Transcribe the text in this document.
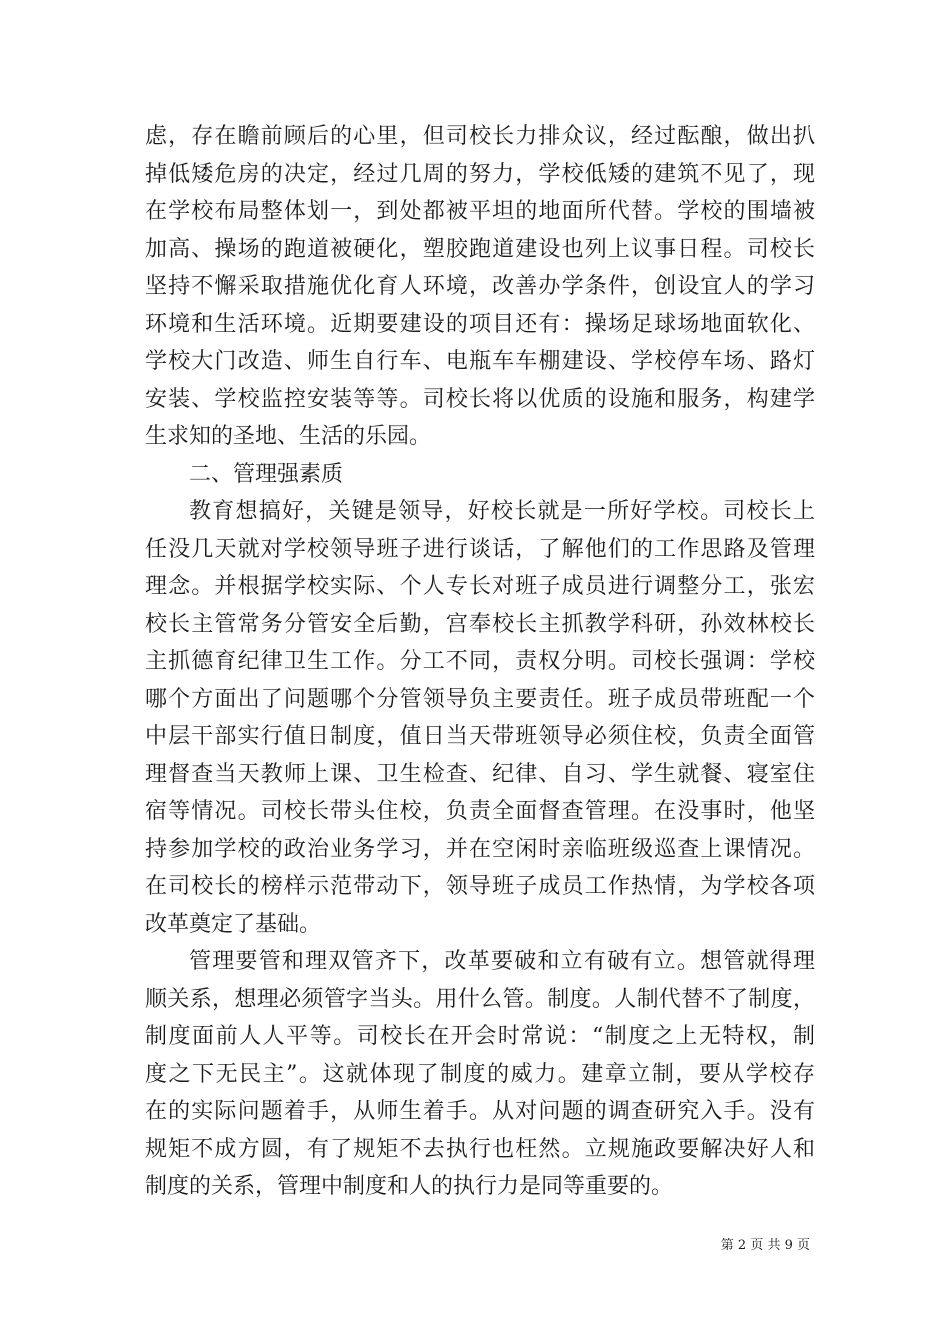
虑，存在瞻前顾后的心里，但司校长力排众议，经过酝酿，做出扒
掉低矮危房的决定，经过几周的努力，学校低矮的建筑不见了，现
在学校布局整体划一，到处都被平坦的地面所代替。学校的围墙被
加高、操场的跑道被硬化，塑胶跑道建设也列上议事日程。司校长
坚持不懈采取措施优化育人环境，改善办学条件，创设宜人的学习
环境和生活环境。近期要建设的项目还有：操场足球场地面软化、
学校大门改造、师生自行车、电瓶车车棚建设、学校停车场、路灯
安装、学校监控安装等等。司校长将以优质的设施和服务，构建学
生求知的圣地、生活的乐园。
二、管理强素质
教育想搞好，关键是领导，好校长就是一所好学校。司校长上
任没几天就对学校领导班子进行谈话，了解他们的工作思路及管理
理念。并根据学校实际、个人专长对班子成员进行调整分工，张宏
校长主管常务分管安全后勤，宫奉校长主抓教学科研，孙效林校长
主抓德育纪律卫生工作。分工不同，责权分明。司校长强调：学校
哪个方面出了问题哪个分管领导负主要责任。班子成员带班配一个
中层干部实行值日制度，值日当天带班领导必须住校，负责全面管
理督查当天教师上课、卫生检查、纪律、自习、学生就餐、寝室住
宿等情况。司校长带头住校，负责全面督查管理。在没事时，他坚
持参加学校的政治业务学习，并在空闲时亲临班级巡查上课情况。
在司校长的榜样示范带动下，领导班子成员工作热情，为学校各项
改革奠定了基础。
管理要管和理双管齐下，改革要破和立有破有立。想管就得理
顺关系，想理必须管字当头。用什么管。制度。人制代替不了制度，
制度面前人人平等。司校长在开会时常说：“制度之上无特权，制
度之下无民主”。这就体现了制度的威力。建章立制，要从学校存
在的实际问题着手，从师生着手。从对问题的调查研究入手。没有
规矩不成方圆，有了规矩不去执行也枉然。立规施政要解决好人和
制度的关系，管理中制度和人的执行力是同等重要的。
第 2 页 共 9 页
